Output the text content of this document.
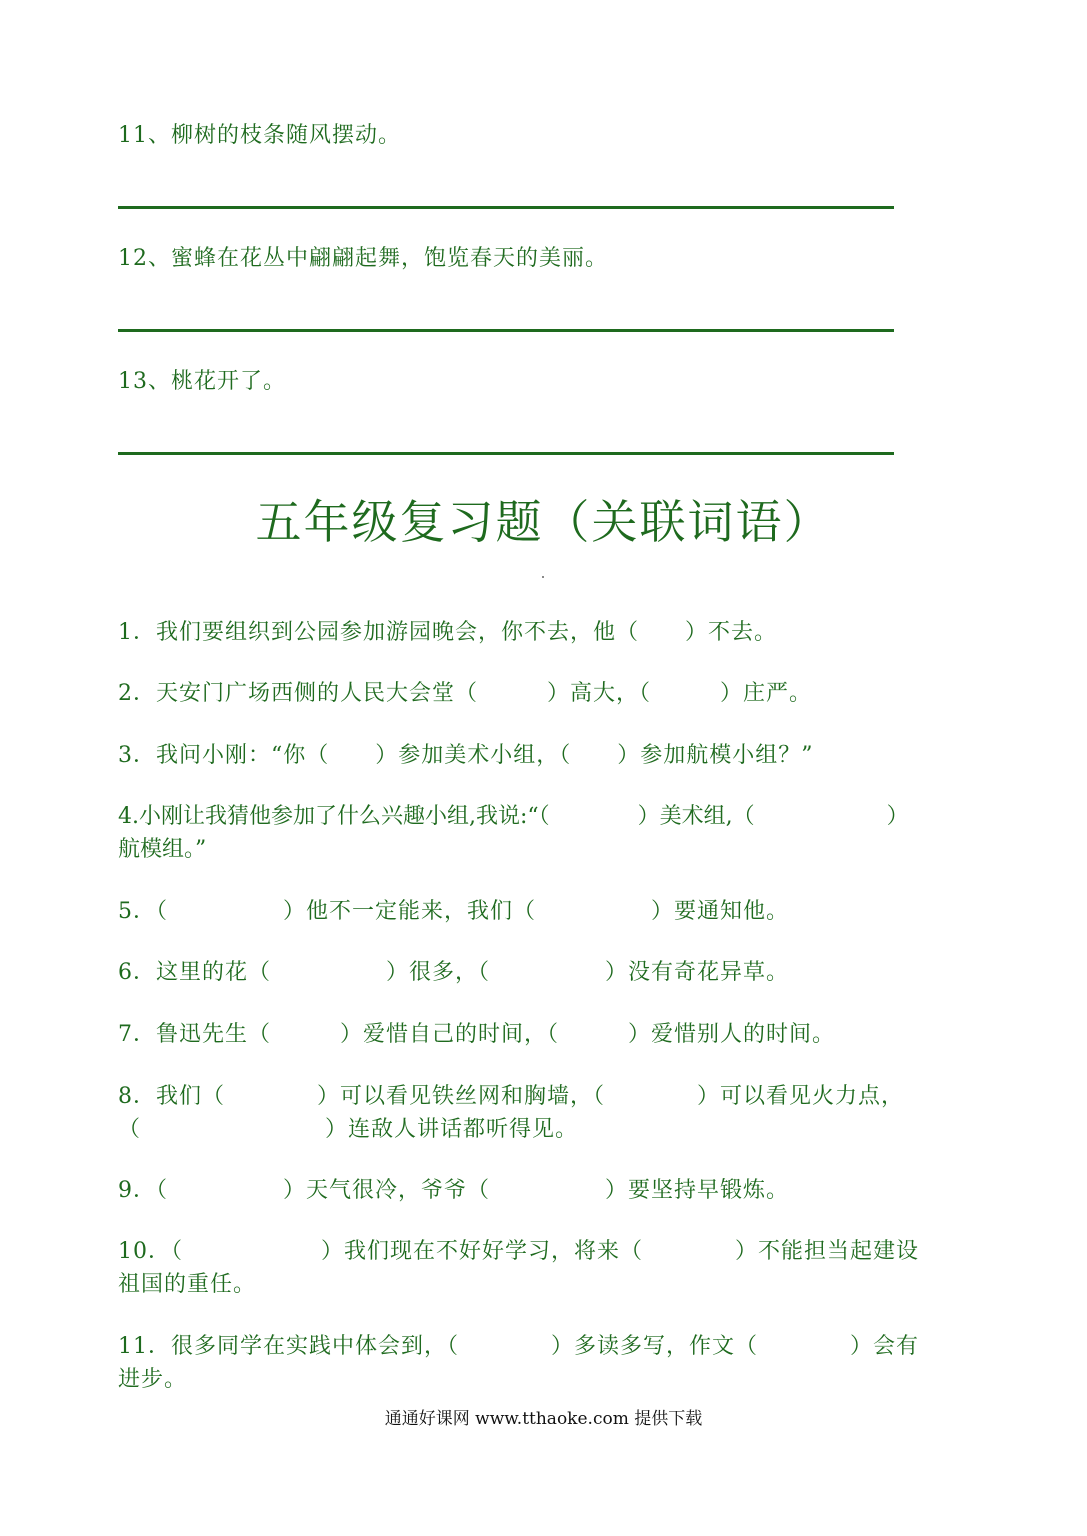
11、柳树的枝条随风摆动。
12、蜜蜂在花丛中翩翩起舞，饱览春天的美丽。
13、桃花开了。
五年级复习题（关联词语）
1．我们要组织到公园参加游园晚会，你不去，他（　　）不去。
2．天安门广场西侧的人民大会堂（　　　）高大，（　　　）庄严。
3．我问小刚：“你（　　）参加美术小组，（　　）参加航模小组？”
4.小刚让我猜他参加了什么兴趣小组,我说:“（　　　　）美术组,（　　　　　　）
航模组。”
5．（　　　　　）他不一定能来，我们（　　　　　）要通知他。
6．这里的花（　　　　　）很多，（　　　　　）没有奇花异草。
7．鲁迅先生（　　　）爱惜自己的时间，（　　　）爱惜别人的时间。
8．我们（　　　　）可以看见铁丝网和胸墙，（　　　　）可以看见火力点，
（　　　　　　　　）连敌人讲话都听得见。
9．（　　　　　）天气很冷，爷爷（　　　　　）要坚持早锻炼。
10．（　　　　　　）我们现在不好好学习，将来（　　　　）不能担当起建设
祖国的重任。
11．很多同学在实践中体会到，（　　　　）多读多写，作文（　　　　）会有
进步。
通通好课网 www.tthaoke.com 提供下载
